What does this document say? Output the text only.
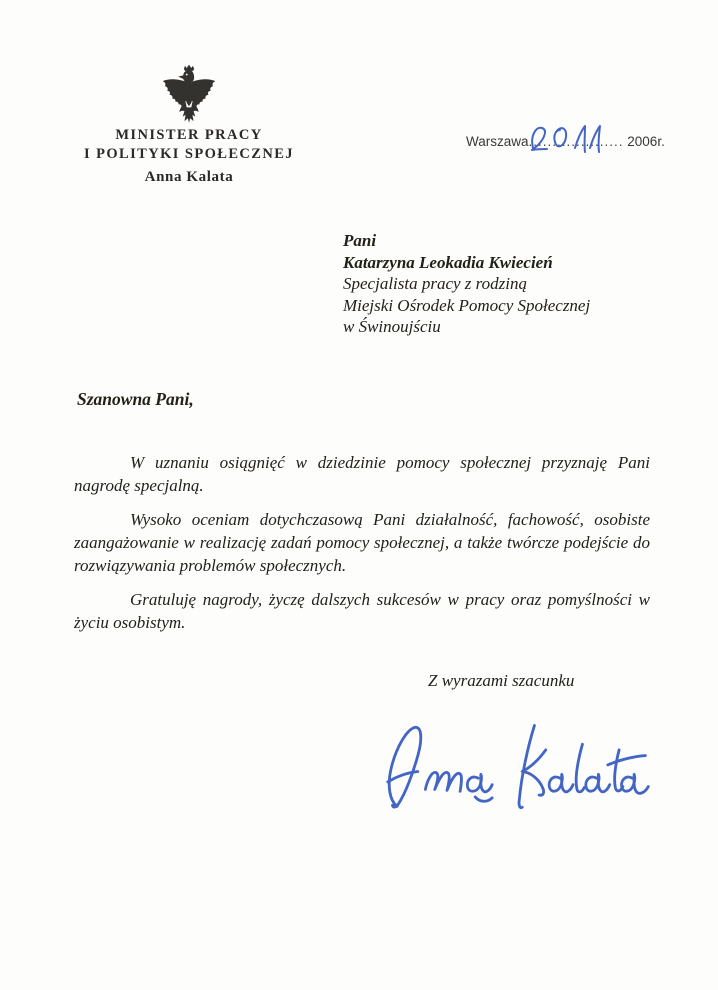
MINISTER PRACY
I POLITYKI SPOŁECZNEJ
Anna Kalata
Warszawa.................... 2006r.
Pani
Katarzyna Leokadia Kwiecień
Specjalista pracy z rodziną
Miejski Ośrodek Pomocy Społecznej
w Świnoujściu
Szanowna Pani,

W uznaniu osiągnięć w dziedzinie pomocy społecznej przyznaję Pani nagrodę specjalną.

Wysoko oceniam dotychczasową Pani działalność, fachowość, osobiste zaangażowanie w realizację zadań pomocy społecznej, a także twórcze podejście do rozwiązywania problemów społecznych.

Gratuluję nagrody, życzę dalszych sukcesów w pracy oraz pomyślności w życiu osobistym.

Z wyrazami szacunku
